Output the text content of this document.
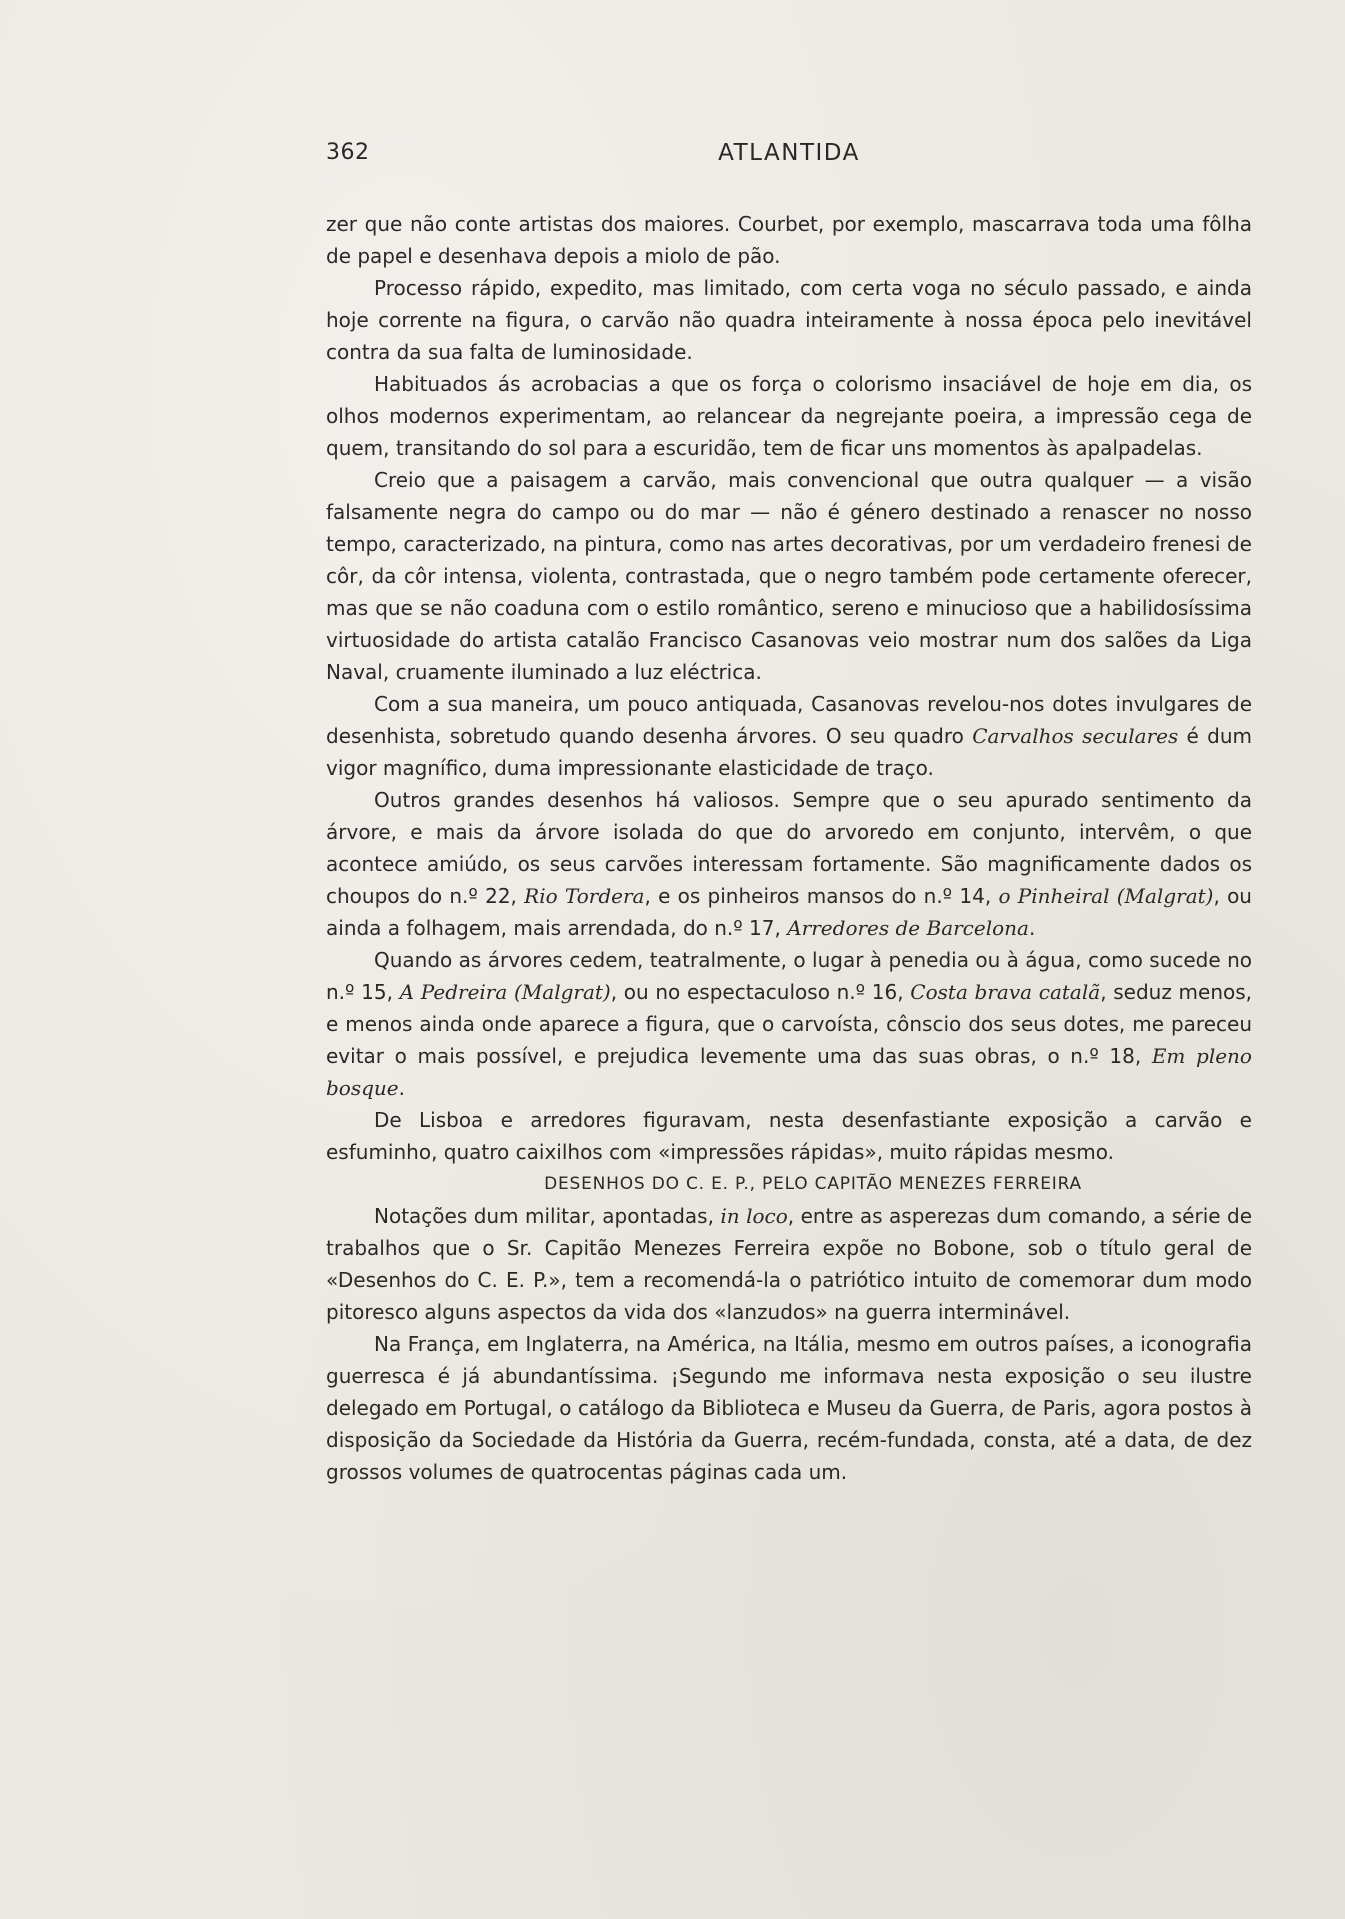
362	ATLANTIDA

zer que não conte artistas dos maiores. Courbet, por exemplo, mascarrava toda uma fôlha de papel e desenhava depois a miolo de pão.

Processo rápido, expedito, mas limitado, com certa voga no século passado, e ainda hoje corrente na figura, o carvão não quadra inteiramente à nossa época pelo inevitável contra da sua falta de luminosidade.

Habituados ás acrobacias a que os força o colorismo insaciável de hoje em dia, os olhos modernos experimentam, ao relancear da negrejante poeira, a impressão cega de quem, transitando do sol para a escuridão, tem de ficar uns momentos às apalpadelas.

Creio que a paisagem a carvão, mais convencional que outra qualquer — a visão falsamente negra do campo ou do mar — não é género destinado a renascer no nosso tempo, caracterizado, na pintura, como nas artes decorativas, por um verdadeiro frenesi de côr, da côr intensa, violenta, contrastada, que o negro também pode certamente oferecer, mas que se não coaduna com o estilo romântico, sereno e minucioso que a habilidosíssima virtuosidade do artista catalão Francisco Casanovas veio mostrar num dos salões da Liga Naval, cruamente iluminado a luz eléctrica.

Com a sua maneira, um pouco antiquada, Casanovas revelou-nos dotes invulgares de desenhista, sobretudo quando desenha árvores. O seu quadro Carvalhos seculares é dum vigor magnífico, duma impressionante elasticidade de traço.

Outros grandes desenhos há valiosos. Sempre que o seu apurado sentimento da árvore, e mais da árvore isolada do que do arvoredo em conjunto, intervêm, o que acontece amiúdo, os seus carvões interessam fortamente. São magnificamente dados os choupos do n.º 22, Rio Tordera, e os pinheiros mansos do n.º 14, o Pinheiral (Malgrat), ou ainda a folhagem, mais arrendada, do n.º 17, Arredores de Barcelona.

Quando as árvores cedem, teatralmente, o lugar à penedia ou à água, como sucede no n.º 15, A Pedreira (Malgrat), ou no espectaculoso n.º 16, Costa brava catalã, seduz menos, e menos ainda onde aparece a figura, que o carvoísta, cônscio dos seus dotes, me pareceu evitar o mais possível, e prejudica levemente uma das suas obras, o n.º 18, Em pleno bosque.

De Lisboa e arredores figuravam, nesta desenfastiante exposição a carvão e esfuminho, quatro caixilhos com «impressões rápidas», muito rápidas mesmo.

DESENHOS DO C. E. P., PELO CAPITÃO MENEZES FERREIRA

Notações dum militar, apontadas, in loco, entre as asperezas dum comando, a série de trabalhos que o Sr. Capitão Menezes Ferreira expõe no Bobone, sob o título geral de «Desenhos do C. E. P.», tem a recomendá-la o patriótico intuito de comemorar dum modo pitoresco alguns aspectos da vida dos «lanzudos» na guerra interminável.

Na França, em Inglaterra, na América, na Itália, mesmo em outros países, a iconografia guerresca é já abundantíssima. ¡Segundo me informava nesta exposição o seu ilustre delegado em Portugal, o catálogo da Biblioteca e Museu da Guerra, de Paris, agora postos à disposição da Sociedade da História da Guerra, recém-fundada, consta, até a data, de dez grossos volumes de quatrocentas páginas cada um.
